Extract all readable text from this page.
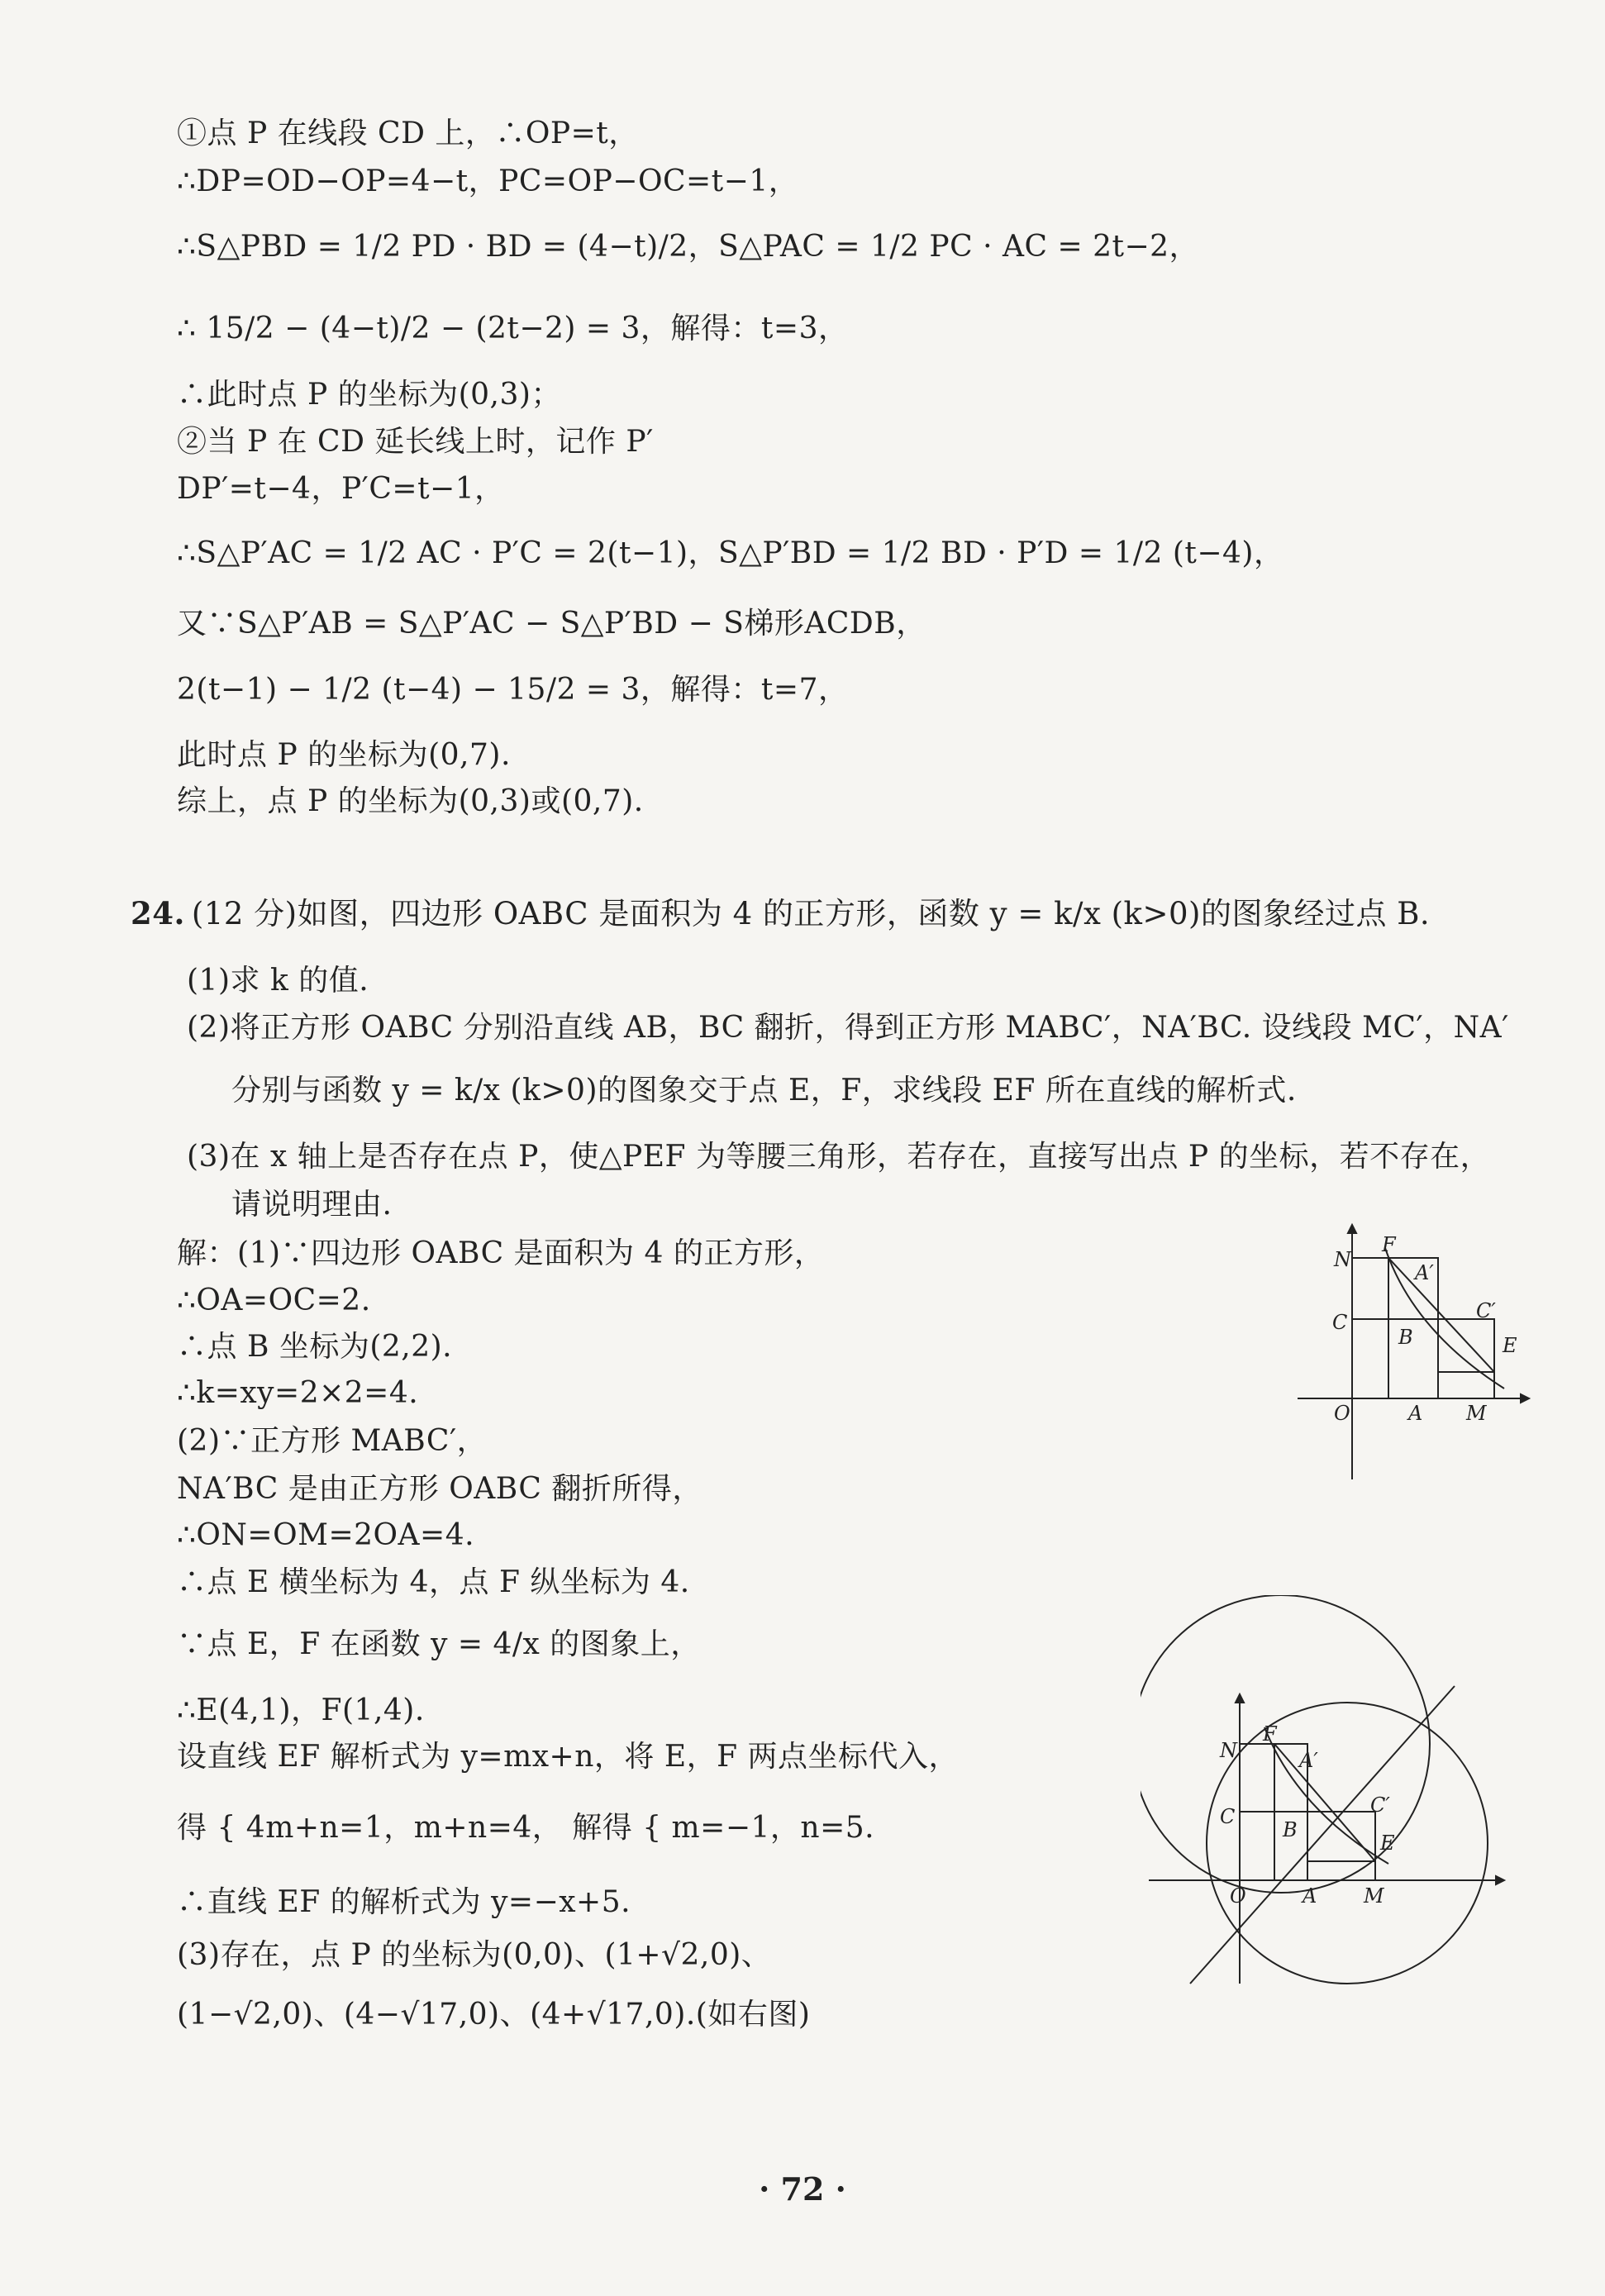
①点 P 在线段 CD 上，∴OP=t，
∴DP=OD−OP=4−t，PC=OP−OC=t−1，
∴S△PBD = 1/2 PD · BD = (4−t)/2，S△PAC = 1/2 PC · AC = 2t−2，
∴ 15/2 − (4−t)/2 − (2t−2) = 3，解得：t=3，
∴此时点 P 的坐标为(0,3)；
②当 P 在 CD 延长线上时，记作 P′
DP′=t−4，P′C=t−1，
∴S△P′AC = 1/2 AC · P′C = 2(t−1)，S△P′BD = 1/2 BD · P′D = 1/2 (t−4)，
又∵S△P′AB = S△P′AC − S△P′BD − S梯形ACDB，
2(t−1) − 1/2 (t−4) − 15/2 = 3，解得：t=7，
此时点 P 的坐标为(0,7).
综上，点 P 的坐标为(0,3)或(0,7).
24. (12 分)如图，四边形 OABC 是面积为 4 的正方形，函数 y = k/x (k>0)的图象经过点 B.
(1)求 k 的值.
(2)将正方形 OABC 分别沿直线 AB，BC 翻折，得到正方形 MABC′，NA′BC. 设线段 MC′，NA′
分别与函数 y = k/x (k>0)的图象交于点 E，F，求线段 EF 所在直线的解析式.
(3)在 x 轴上是否存在点 P，使△PEF 为等腰三角形，若存在，直接写出点 P 的坐标，若不存在，
请说明理由.
解：(1)∵四边形 OABC 是面积为 4 的正方形，
∴OA=OC=2.
∴点 B 坐标为(2,2).
∴k=xy=2×2=4.
(2)∵正方形 MABC′，
NA′BC 是由正方形 OABC 翻折所得，
∴ON=OM=2OA=4.
∴点 E 横坐标为 4，点 F 纵坐标为 4.
∵点 E，F 在函数 y = 4/x 的图象上，
∴E(4,1)，F(1,4).
设直线 EF 解析式为 y=mx+n，将 E，F 两点坐标代入，
得 { 4m+n=1，m+n=4， 解得 { m=−1，n=5.
∴直线 EF 的解析式为 y=−x+5.
(3)存在，点 P 的坐标为(0,0)、(1+√2,0)、
(1−√2,0)、(4−√17,0)、(4+√17,0).(如右图)
N
F
A′
C	C′
B	E
O	A M
N
F
A′
C	C′
B
E
O	A M
· 72 ·
